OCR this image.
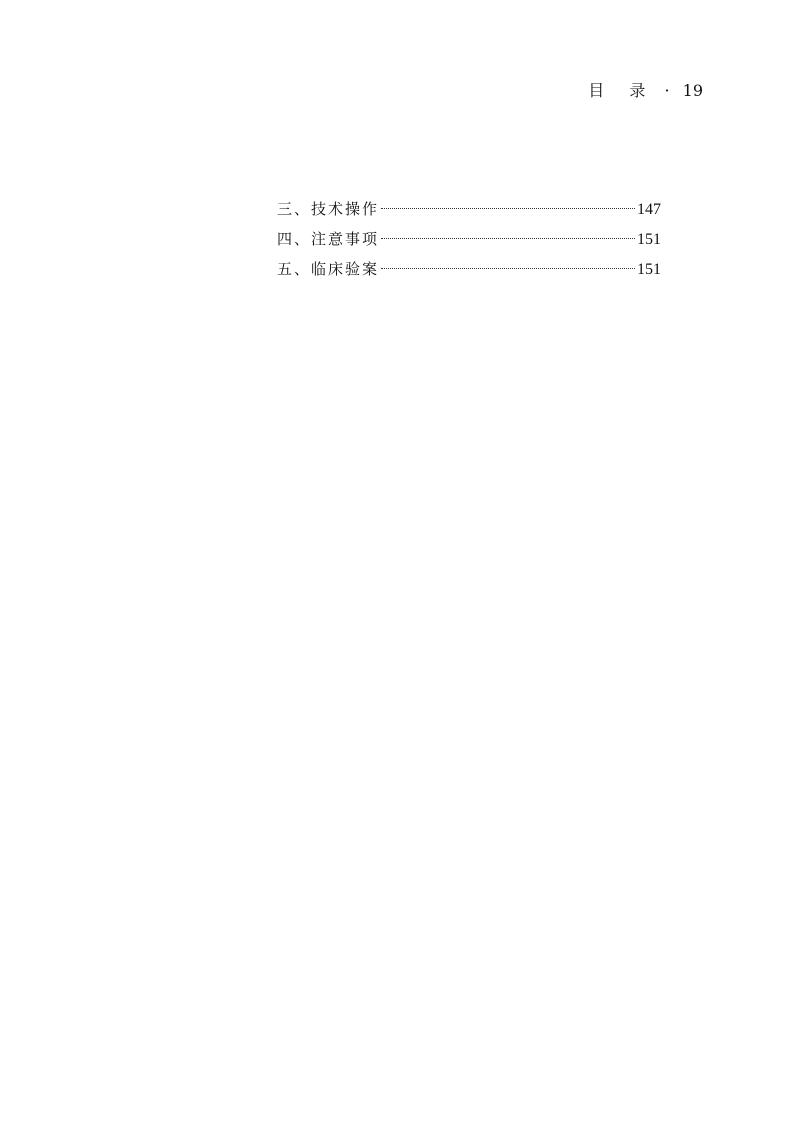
目 录 · 19
三、技术操作	147
四、注意事项	151
五、临床验案	151
